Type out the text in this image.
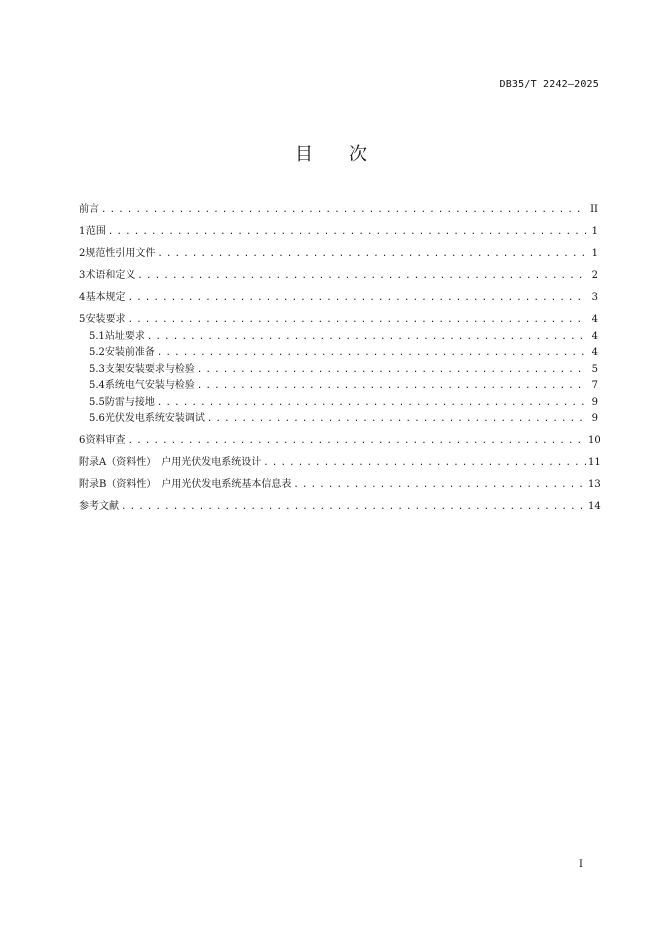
DB35/T 2242—2025
目 次
前言 . . .	II
1 范围 . . .	1
2 规范性引用文件 . . .	1
3 术语和定义 . . .	2
4 基本规定 . . .	3
5 安装要求 . . .	4
5.1 站址要求 . . .	4
5.2 安装前准备 . . .	4
5.3 支架安装要求与检验 . . .	5
5.4 系统电气安装与检验 . . .	7
5.5 防雷与接地 . . .	9
5.6 光伏发电系统安装调试 . . .	9
6 资料审查 . . .	10
附录A（资料性）　户用光伏发电系统设计 . . .	11
附录B（资料性）　户用光伏发电系统基本信息表 . . .	13
参考文献 . . .	14
I
